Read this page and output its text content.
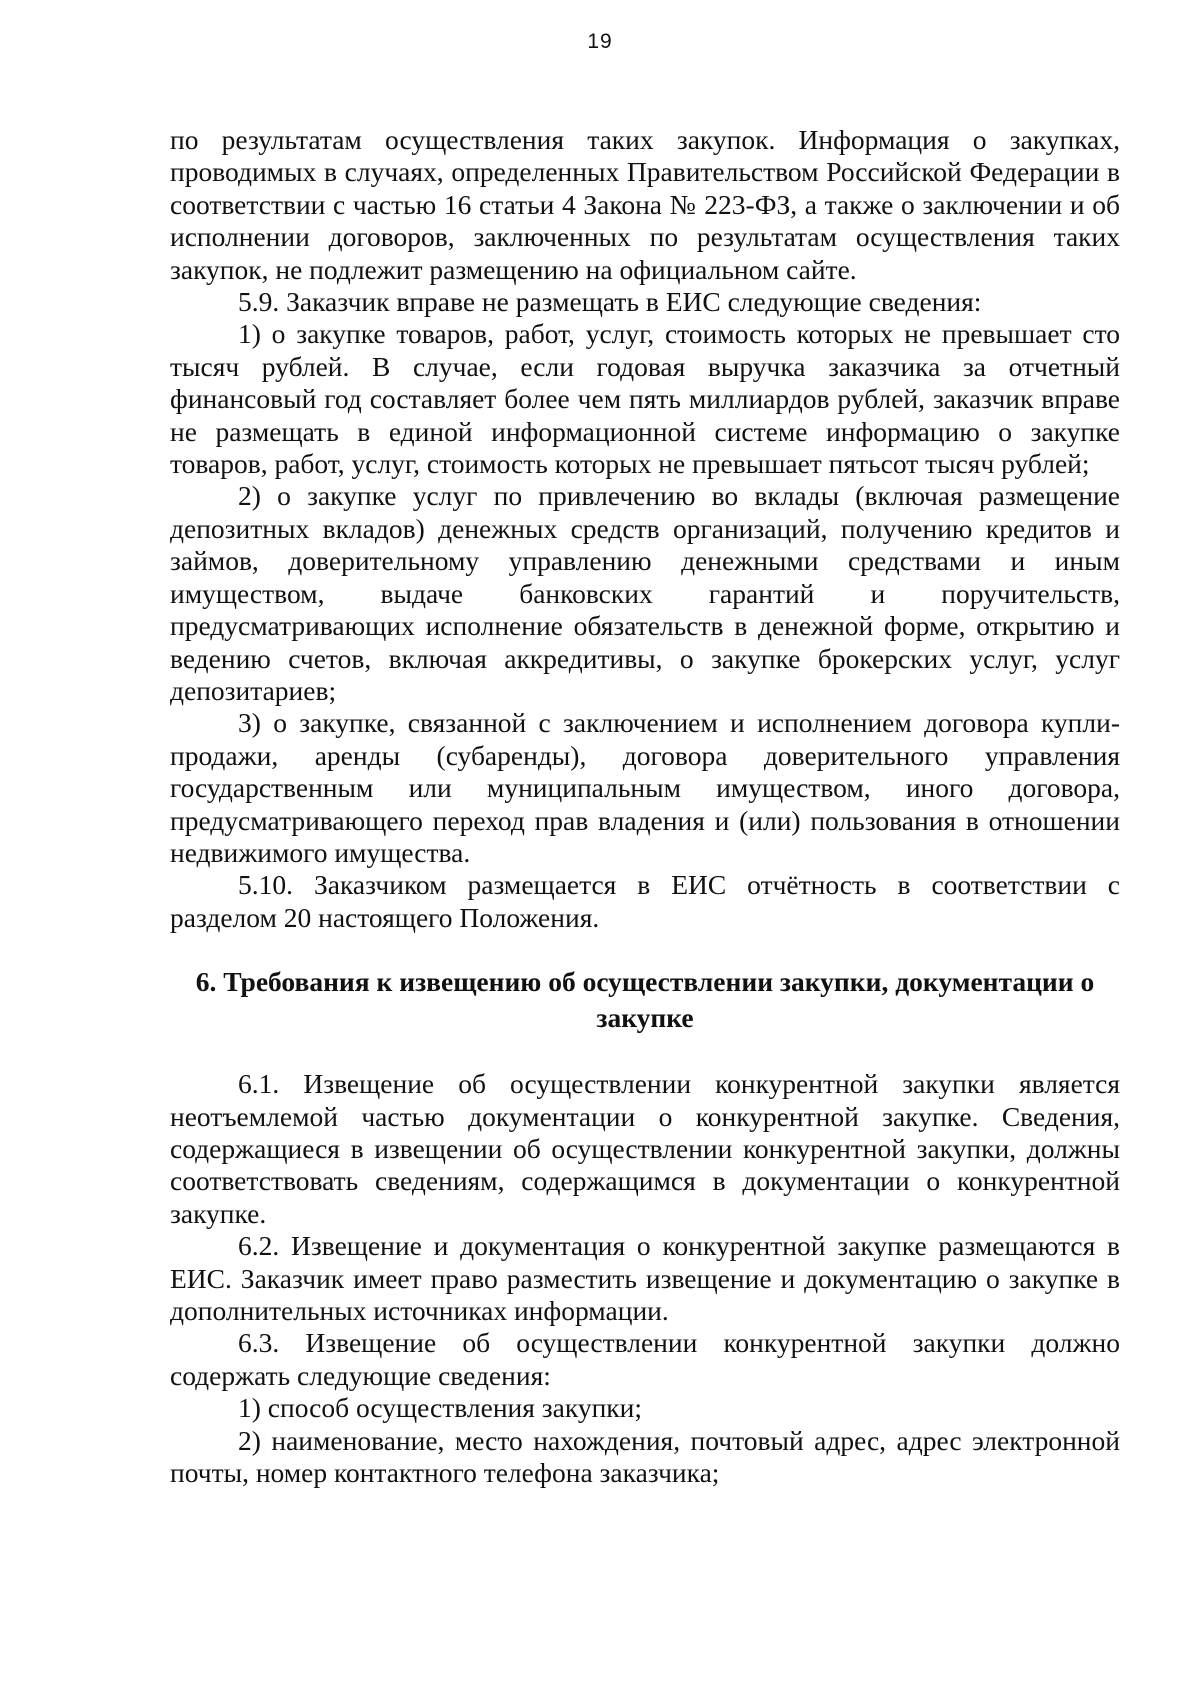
19

по результатам осуществления таких закупок. Информация о закупках, проводимых в случаях, определенных Правительством Российской Федерации в соответствии с частью 16 статьи 4 Закона № 223-ФЗ, а также о заключении и об исполнении договоров, заключенных по результатам осуществления таких закупок, не подлежит размещению на официальном сайте.

5.9. Заказчик вправе не размещать в ЕИС следующие сведения:

1) о закупке товаров, работ, услуг, стоимость которых не превышает сто тысяч рублей. В случае, если годовая выручка заказчика за отчетный финансовый год составляет более чем пять миллиардов рублей, заказчик вправе не размещать в единой информационной системе информацию о закупке товаров, работ, услуг, стоимость которых не превышает пятьсот тысяч рублей;

2) о закупке услуг по привлечению во вклады (включая размещение депозитных вкладов) денежных средств организаций, получению кредитов и займов, доверительному управлению денежными средствами и иным имуществом, выдаче банковских гарантий и поручительств, предусматривающих исполнение обязательств в денежной форме, открытию и ведению счетов, включая аккредитивы, о закупке брокерских услуг, услуг депозитариев;

3) о закупке, связанной с заключением и исполнением договора купли-продажи, аренды (субаренды), договора доверительного управления государственным или муниципальным имуществом, иного договора, предусматривающего переход прав владения и (или) пользования в отношении недвижимого имущества.

5.10. Заказчиком размещается в ЕИС отчётность в соответствии с разделом 20 настоящего Положения.

6. Требования к извещению об осуществлении закупки, документации о
закупке

6.1. Извещение об осуществлении конкурентной закупки является неотъемлемой частью документации о конкурентной закупке. Сведения, содержащиеся в извещении об осуществлении конкурентной закупки, должны соответствовать сведениям, содержащимся в документации о конкурентной закупке.

6.2. Извещение и документация о конкурентной закупке размещаются в ЕИС. Заказчик имеет право разместить извещение и документацию о закупке в дополнительных источниках информации.

6.3. Извещение об осуществлении конкурентной закупки должно содержать следующие сведения:

1) способ осуществления закупки;

2) наименование, место нахождения, почтовый адрес, адрес электронной почты, номер контактного телефона заказчика;
